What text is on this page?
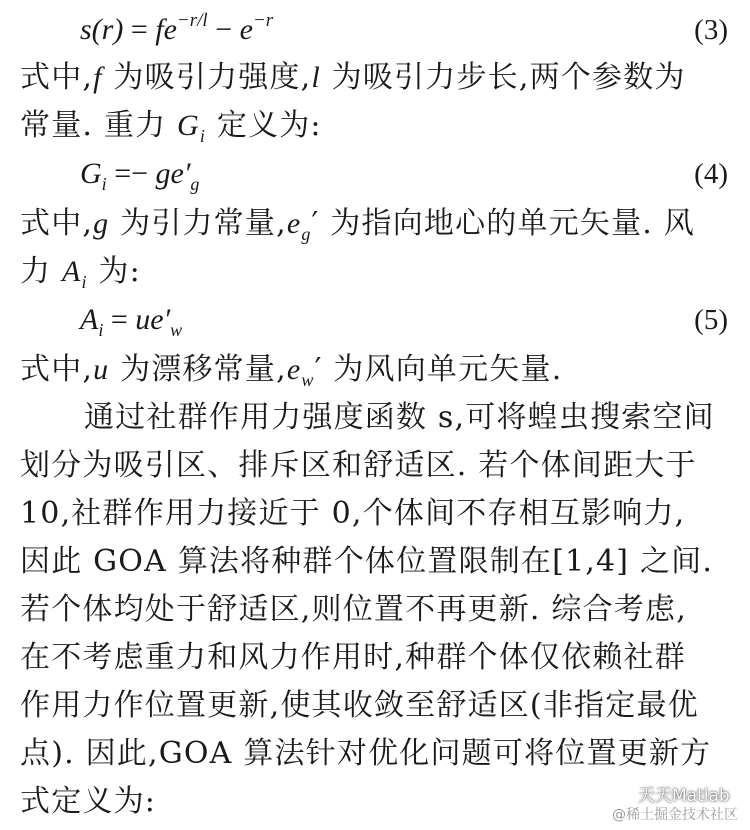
$s(r) = fe^{-r/l} - e^{-r}$	(3)
式中,f 为吸引力强度,l 为吸引力步长,两个参数为
常量. 重力 $G_i$ 定义为:
$G_i =- ge'_g$	(4)
式中,g 为引力常量$,e_g'$ 为指向地心的单元矢量. 风
力 $A_i$ 为:
$A_i = ue'_w$	(5)
式中,u 为漂移常量$,e_w'$ 为风向单元矢量.
通过社群作用力强度函数 s,可将蝗虫搜索空间
划分为吸引区、排斥区和舒适区. 若个体间距大于
10,社群作用力接近于 0,个体间不存相互影响力,
因此 GOA 算法将种群个体位置限制在[1,4] 之间.
若个体均处于舒适区,则位置不再更新. 综合考虑,
在不考虑重力和风力作用时,种群个体仅依赖社群
作用力作位置更新,使其收敛至舒适区(非指定最优
点). 因此,GOA 算法针对优化问题可将位置更新方
式定义为:	天天Matlab
@稀土掘金技术社区
